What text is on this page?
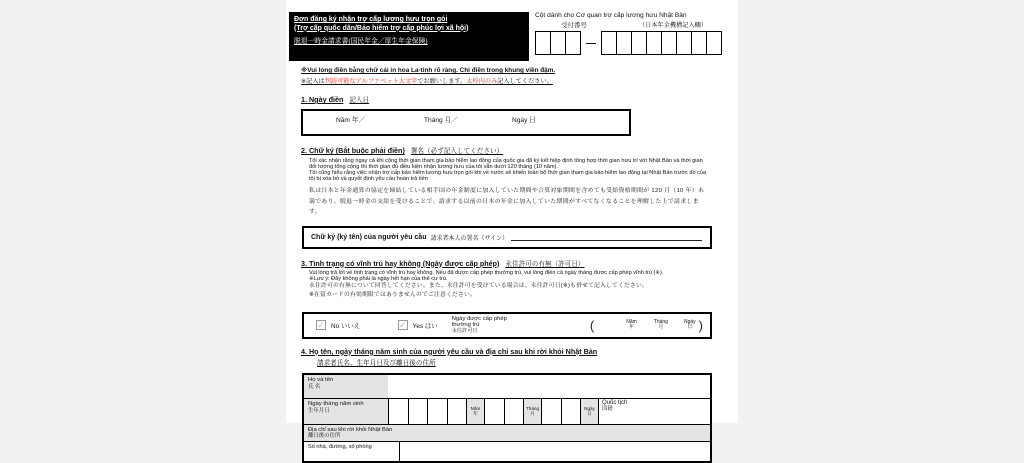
Đơn đăng ký nhận trợ cấp lương hưu trọn gói
(Trợ cấp quốc dân/Bảo hiểm trợ cấp phúc lợi xã hội)
脱退一時金請求書(国民年金／厚生年金保険)
Cột dành cho Cơ quan trợ cấp lương hưu Nhật Bản
受付番号	（日本年金機構記入欄）
—
※Vui lòng điền bằng chữ cái in hoa La-tinh rõ ràng. Chỉ điền trong khung viền đậm.
※記入は判読可能なアルファベット大文字でお願いします。太枠内のみ記入してください。
1. Ngày điền 記入日
Năm 年／	Tháng 月／	Ngày 日
2. Chữ ký (Bắt buộc phải điền) 署名（必ず記入してください）
Tôi xác nhận rằng ngay cả khi cộng thời gian tham gia bảo hiểm lao động của quốc gia đã ký kết hiệp định tổng hợp thời gian hưu trí với Nhật Bản và thời gian đối tượng tổng cộng thì thời gian đủ điều kiện nhận lương hưu của tôi vẫn dưới 120 tháng (10 năm).
Tôi cũng hiểu rằng việc nhận trợ cấp bảo hiểm lương hưu trọn gói khi về nước sẽ khiến toàn bộ thời gian tham gia bảo hiểm lao động tại Nhật Bản trước đó của tôi bị xóa bỏ và quyết định yêu cầu hoàn trả tiền
私は日本と年金通算の協定を締結している相手国の年金制度に加入していた期間や合算対象期間を含めても受給資格期間が 120 月（10 年）未満であり、脱退一時金の支給を受けることで、請求する以前の日本の年金に加入していた期間がすべてなくなることを理解した上で請求します。
Chữ ký (ký tên) của người yêu cầu 請求者本人の署名（サイン）
3. Tình trạng có vĩnh trú hay không (Ngày được cấp phép) 永住許可の有無（許可日）
Vui lòng trả lời về tình trạng có vĩnh trú hay không. Nếu đã được cấp phép thường trú, vui lòng điền cả ngày tháng được cấp phép vĩnh trú (※).
※Lưu ý: Đây không phải là ngày hết hạn của thẻ cư trú.
永住許可の有無について回答してください。また、永住許可を受けている場合は、永住許可日(※)も併せて記入してください。
※在留カードの有効期限ではありませんのでご注意ください。
✓ No いいえ	✓ Yes はい
Ngày được cấp phép thường trú
永住許可日	(	Năm
年
Tháng
月
Ngày
日 )
4. Họ tên, ngày tháng năm sinh của người yêu cầu và địa chỉ sau khi rời khỏi Nhật Bản
請求者氏名、生年月日及び離日後の住所
Họ và tên
氏 名
Ngày tháng năm sinh
生年月日	Năm
年
Tháng
月
Ngày
日
Quốc tịch
国籍
Địa chỉ sau khi rời khỏi Nhật Bản
離日後の住所
Số nhà, đường, số phòng
